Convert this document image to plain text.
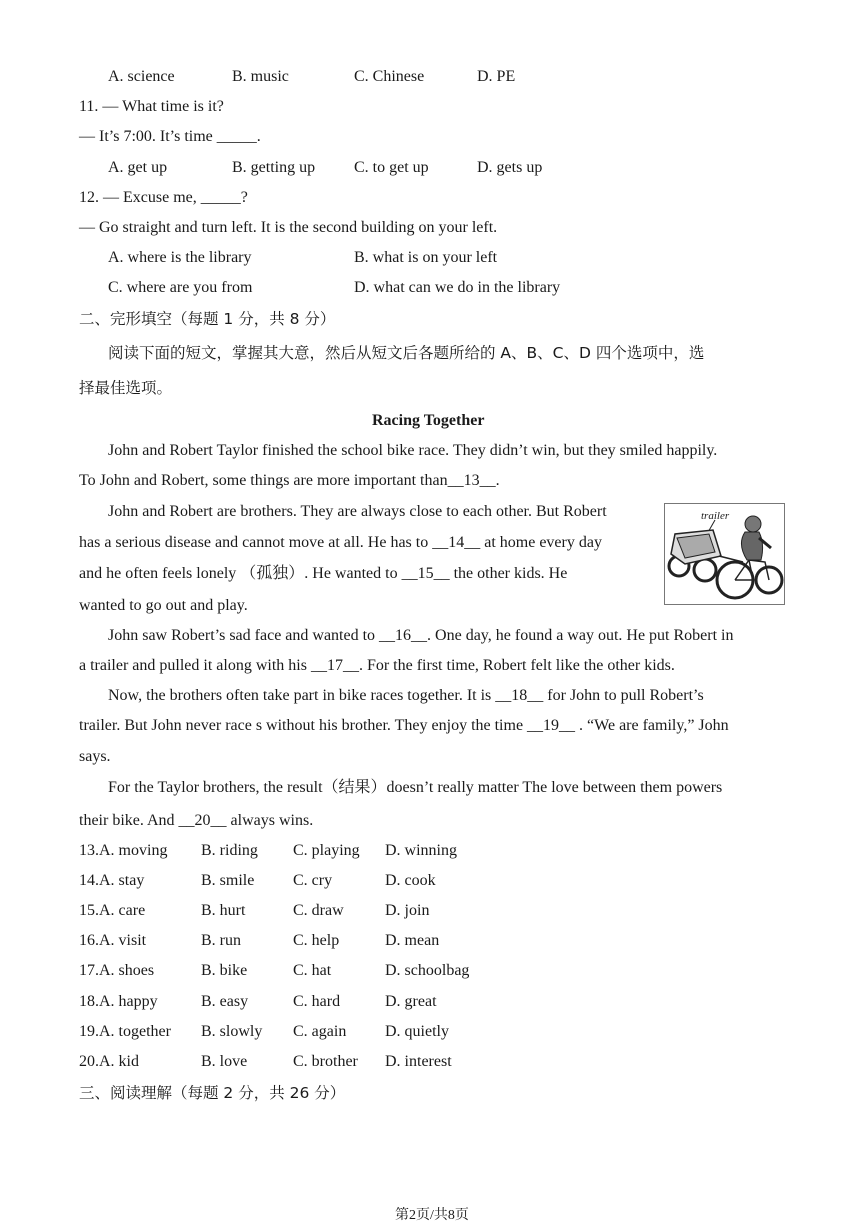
A. science	B. music	C. Chinese	D. PE
11. — What time is it?
— It’s 7:00. It’s time _____.
A. get up	B. getting up C. to get up	D. gets up
12. — Excuse me, _____?
— Go straight and turn left. It is the second building on your left.
A. where is the library	B. what is on your left
C. where are you from	D. what can we do in the library
二、完形填空（每题 1 分，共 8 分）
阅读下面的短文，掌握其大意，然后从短文后各题所给的 A、B、C、D 四个选项中，选
择最佳选项。
Racing Together
John and Robert Taylor finished the school bike race. They didn’t win, but they smiled happily.
To John and Robert, some things are more important than__13__.
John and Robert are brothers. They are always close to each other. But Robert
has a serious disease and cannot move at all. He has to __14__ at home every day
and he often feels lonely （孤独）. He wanted to __15__ the other kids. He
wanted to go out and play.
trailer
John saw Robert’s sad face and wanted to __16__. One day, he found a way out. He put Robert in
a trailer and pulled it along with his __17__. For the first time, Robert felt like the other kids.
Now, the brothers often take part in bike races together. It is __18__ for John to pull Robert’s
trailer. But John never race s without his brother. They enjoy the time __19__ . “We are family,” John
says.
For the Taylor brothers, the result（结果）doesn’t really matter The love between them powers
their bike. And __20__ always wins.
13.A. moving B. riding C. playing D. winning
14.A. stay	B. smile C. cry	D. cook
15.A. care	B. hurt	C. draw	D. join
16.A. visit	B. run	C. help	D. mean
17.A. shoes	B. bike	C. hat	D. schoolbag
18.A. happy	B. easy	C. hard	D. great
19.A. together B. slowly C. again D. quietly
20.A. kid	B. love	C. brother D. interest
三、阅读理解（每题 2 分，共 26 分）
第2页/共8页
